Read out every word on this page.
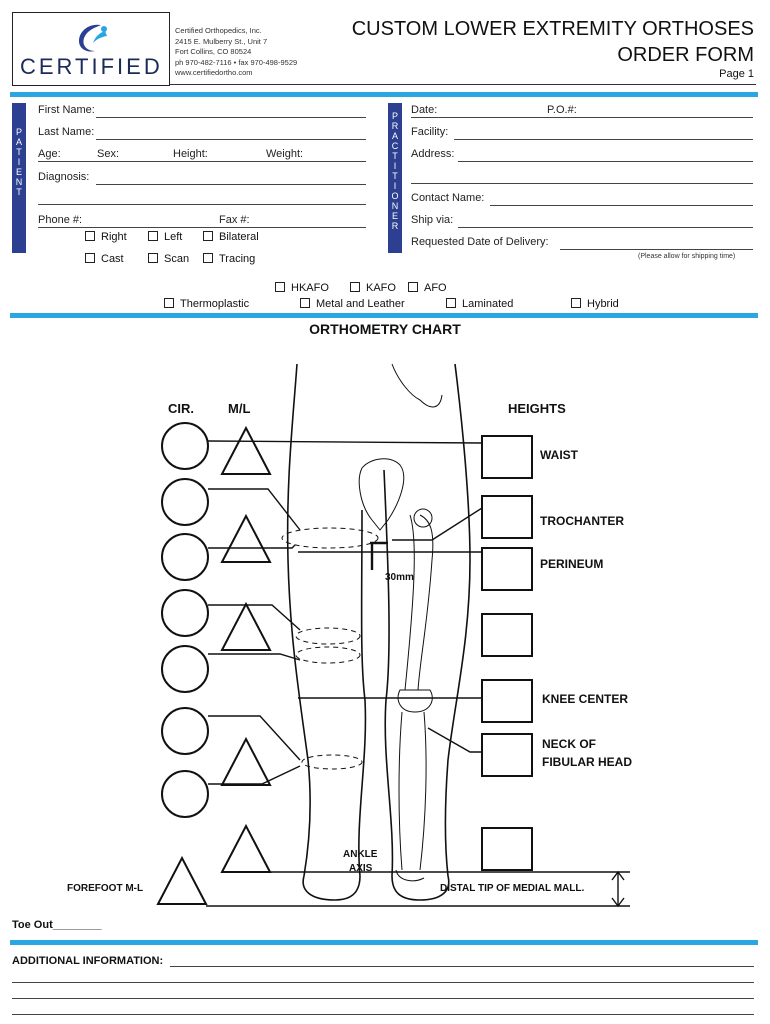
CERTIFIED
Certified Orthopedics, Inc.
2415 E. Mulberry St., Unit 7
Fort Collins, CO 80524
ph 970-482-7116 • fax 970-498-9529
www.certifiedortho.com
CUSTOM LOWER EXTREMITY ORTHOSES
ORDER FORM
Page 1
P
A
T
I
E
N
T
First Name:
Last Name:
Age:	Sex:	Height:	Weight:
Diagnosis:
Phone #:	Fax #:
Right	Left	Bilateral
Cast	Scan	Tracing
P
R
A
C
T
I
T
I
O
N
E
R
Date:	P.O.#:
Facility:
Address:
Contact Name:
Ship via:
Requested Date of Delivery:
(Please allow for shipping time)
HKAFO	KAFO	AFO
Thermoplastic	Metal and Leather	Laminated	Hybrid
ORTHOMETRY CHART
CIR.	M/L	HEIGHTS
WAIST
TROCHANTER
PERINEUM
30mm
KNEE CENTER
NECK OF
FIBULAR HEAD
ANKLE
AXIS
DISTAL TIP OF MEDIAL MALL.
FOREFOOT M-L
Toe Out________
ADDITIONAL INFORMATION:
